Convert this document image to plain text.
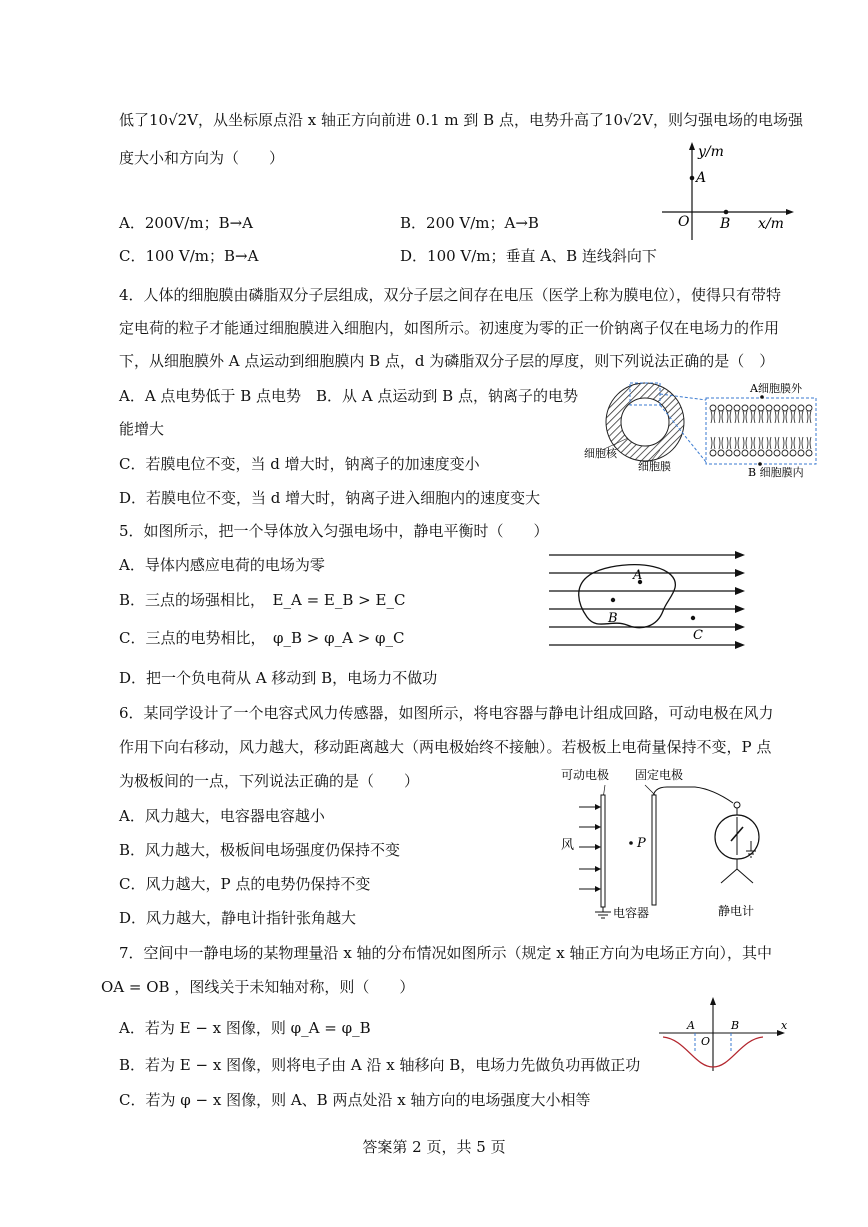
低了10√2V，从坐标原点沿 x 轴正方向前进 0.1 m 到 B 点，电势升高了10√2V，则匀强电场的电场强
度大小和方向为（　　）
A．200V/m；B→A	B．200 V/m；A→B
C．100 V/m；B→A	D．100 V/m；垂直 A、B 连线斜向下
y/m
A
O B x/m
4．人体的细胞膜由磷脂双分子层组成，双分子层之间存在电压（医学上称为膜电位），使得只有带特
定电荷的粒子才能通过细胞膜进入细胞内，如图所示。初速度为零的正一价钠离子仅在电场力的作用
下，从细胞膜外 A 点运动到细胞膜内 B 点，d 为磷脂双分子层的厚度，则下列说法正确的是（　）
A．A 点电势低于 B 点电势　B．从 A 点运动到 B 点，钠离子的电势
能增大
C．若膜电位不变，当 d 增大时，钠离子的加速度变小
D．若膜电位不变，当 d 增大时，钠离子进入细胞内的速度变大
A细胞膜外
B 细胞膜内
细胞核
细胞膜
5．如图所示，把一个导体放入匀强电场中，静电平衡时（　　）
A．导体内感应电荷的电场为零
B．三点的场强相比，　E_A = E_B > E_C
C．三点的电势相比，　φ_B > φ_A > φ_C
D．把一个负电荷从 A 移动到 B，电场力不做功
A
B
C
6．某同学设计了一个电容式风力传感器，如图所示，将电容器与静电计组成回路，可动电极在风力
作用下向右移动，风力越大，移动距离越大（两电极始终不接触）。若极板上电荷量保持不变，P 点
为极板间的一点，下列说法正确的是（　　）
A．风力越大，电容器电容越小
B．风力越大，极板间电场强度仍保持不变
C．风力越大，P 点的电势仍保持不变
D．风力越大，静电计指针张角越大
可动电极 固定电极
风	P
电容器	静电计
7．空间中一静电场的某物理量沿 x 轴的分布情况如图所示（规定 x 轴正方向为电场正方向），其中
OA = OB ，图线关于未知轴对称，则（　　）
A．若为 E − x 图像，则 φ_A = φ_B
B．若为 E − x 图像，则将电子由 A 沿 x 轴移向 B，电场力先做负功再做正功
C．若为 φ − x 图像，则 A、B 两点处沿 x 轴方向的电场强度大小相等
A	B
O
x
答案第 2 页，共 5 页
